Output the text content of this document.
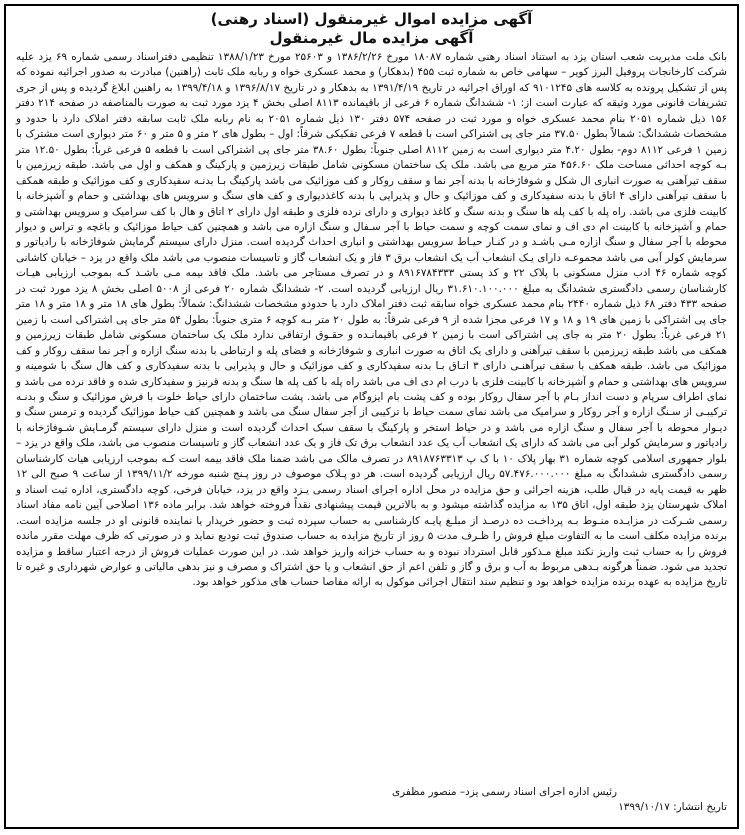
آگهی مزایده اموال غیرمنقول (اسناد رهنی)
آگهی مزایده مال غیرمنقول
بانک ملت مدیریت شعب استان یزد به استناد اسناد رهنی شماره ۱۸۰۸۷ مورخ ۱۳۸۶/۲/۲۶ و ۲۵۶۰۳ مورخ ۱۳۸۸/۱/۲۳ تنظیمی دفتراسناد رسمی شماره ۶۹ یزد علیه شرکت کارخانجات پروفیل البرز کویر – سهامی خاص به شماره ثبت ۴۵۵ (بدهکار) و محمد عسکری خواه و ربابه ملک ثابت (راهنین) مبادرت به صدور اجرائیه نموده که پس از تشکیل پرونده به کلاسه های ۹۱۰۱۲۴۵ که اوراق اجرائیه در تاریخ ۱۳۹۱/۴/۱۹ به بدهکار و در تاریخ ۱۳۹۶/۸/۱۷ و ۱۳۹۹/۴/۱۸ به راهنین ابلاغ گردیده و پس از جری تشریفات قانونی مورد وثیقه که عبارت است از: ۱- ششدانگ شماره ۶ فرعی از باقیمانده ۸۱۱۳ اصلی بخش ۴ یزد مورد ثبت به صورت بالمناصفه در صفحه ۲۱۴ دفتر ۱۵۶ ذیل شماره ۲۰۵۱ بنام محمد عسکری خواه و مورد ثبت در صفحه ۵۷۴ دفتر ۱۳۰ ذیل شماره ۲۰۵۱ به نام ربابه ملک ثابت سابقه دفتر املاک دارد با حدود و مشخصات ششدانگ: شمالاً بطول ۳۷.۵۰ متر جای پی اشتراکی است با قطعه ۷ فرعی تفکیکی شرقاً: اول – بطول های ۲ متر و ۵ متر و ۶۰ متر دیواری است مشترک با زمین ۱ فرعی ۸۱۱۲ دوم- بطول ۴.۲۰ متر دیواری است به زمین ۸۱۱۲ اصلی جنوباً: بطول ۳۸.۶۰ متر جای پی اشتراکی است با قطعه ۵ فرعی غرباً: بطول ۱۲.۵۰ متر بـه کوچه احداثی مساحت ملک ۴۵۶.۶۰ متر مربع می باشد. ملک یک ساختمان مسکونی شامل طبقات زیرزمین و پارکینگ و همکف و اول می باشد. طبقه زیرزمین با سقف تیرآهنی به صورت انباری ال شکل و شوفاژخانه با بدنه آجر نما و سقف روکار و کف موزائیک می باشد پارکینگ بـا بدنـه سفیدکاری و کف موزائیک و طبقه همکف با سقف تیرآهنی دارای ۴ اتاق با بدنه سفیدکاری و کف موزائیک و حال و پذیرایی با بدنه کاغذدیواری و کف های سنگ و سرویس های بهداشتی و حمام و آشپزخانه با کابینت فلزی می باشد. راه پله با کف پله ها سنگ و بدنه سنگ و کاغذ دیواری و دارای نرده فلزی و طبقه اول دارای ۲ اتاق و هال با کف سرامیک و سرویس بهداشتی و حمام و آشپزخانه با کابینت ام دی اف و نمای سمت کوچه و سمت حیاط با آجر سـفال و سنگ ازاره می باشد و همچنین کف حیاط موزائیک و باغچه و تراس و دیوار محوطه با آجر سفال و سنگ ازاره مـی باشـد و در کنـار حیـاط سرویس بهداشتی و انباری احداث گردیده است. منزل دارای سیستم گرمایش شوفاژخانه با رادیاتور و سرمایش کولر آبی می باشد مجموعـه دارای یـک انشعاب آب یک انشعاب برق ۳ فاز و یک انشعاب گاز و تاسیسات منصوب می باشد ملک واقع در یزد – خیابان کاشانی کوچه شماره ۴۶ ادب منزل مسکونی با پلاک ۲۲ و کد پستی ۸۹۱۶۷۸۴۳۳۳ و در تصرف مستاجر می باشد. ملک فاقد بیمه مـی باشـد کـه بموجب ارزیابی هیـات کارشناسان رسمی دادگستری ششدانگ به مبلغ ۳۱.۶۱۰.۱۰۰.۰۰۰ ریال ارزیابی گردیده است. ۲- ششدانگ شماره ۲۰ فرعی از ۵۰۰۸ اصلی بخش ۸ یزد مورد ثبت در صفحه ۴۳۳ دفتر ۶۸ ذیل شماره ۲۴۴۰ بنام محمد عسکری خواه سابقه ثبت دفتر املاک دارد با حدودو مشخصات ششدانگ: شمالاً: بطول های ۱۸ متر و ۱۸ متر و ۱۸ متر جای پی اشتراکی با زمین های ۱۹ و ۱۸ و ۱۷ فرعی مجزا شده از ۹ فرعی شرقاً: به طول ۲۰ متر بـه کوچه ۶ متری جنوباً: بطول ۵۴ متر جای پی اشتراکی است با زمین ۲۱ فرعی غرباً: بطول ۲۰ متر به جای پی اشتراکی است با زمین ۲ فرعی باقیمانـده و حقـوق ارتفاقی ندارد ملک یک ساختمان مسکونی شامل طبقات زیرزمین و همکف می باشد طبقه زیرزمین با سقف تیرآهنی و دارای یک اتاق به صورت انباری و شوفاژخانه و فضای پله و ارتباطی با بدنه سنگ ازاره و آجر نما سقف روکار و کف موزائیک می باشد. طبقه همکف با سقف تیرآهنـی دارای ۳ اتـاق بـا بدنه سفیدکاری و کف موزائیک و حال و پذیرایی با بدنه سفیدکاری و کف هال سنگ با شومینه و سرویس های بهداشتی و حمام و آشپزخانه با کابینت فلزی با درب ام دی اف می باشد راه پله با کف پله ها سنگ و بدنه قرنیز و سفیدکاری شده و فاقد نرده می باشد و نمای اطراف سرپام و دست انداز بـام با آجر سفال روکار بوده و کف پشت بام ایزوگام می باشد. پشت ساختمان دارای حیاط خلوت با فرش موزائیک و سنگ و بدنـه ترکیبـی از سـنگ ازاره و آجر روکار و سرامیک می باشد نمای سمت حیاط با ترکیبی از آجر سفال سنگ می باشد و همچنین کف حیاط موزائیک گردیده و ترمس سنگ و دیـوار محوطه با آجر سفال و سنگ ازاره می باشد و در حیاط استخر و پارکینگ با سقف سبک احداث گردیده است و منزل دارای سیستم گرمـایش شـوفاژخانه با رادیاتور و سرمایش کولر آبی می باشد که دارای یک انشعاب آب یک عدد انشعاب برق تک فاز و یک عدد انشعاب گاز و تاسیسات منصوب می باشد، ملک واقع در یزد – بلوار جمهوری اسلامی کوچه شماره ۳۱ بهار پلاک ۱۰ با ک پ ۸۹۱۸۷۶۳۳۱۳ در تصرف مالک می باشد ضمنا ملک فاقد بیمه است کـه بموجب ارزیابی هیات کارشناسان رسمی دادگستری ششدانگ به مبلغ ۵۷.۴۷۶.۰۰۰.۰۰۰ ریال ارزیابی گردیده است. هر دو پـلاک موصوف در روز پـنج شنبه مورخه ۱۳۹۹/۱۱/۲ از ساعت ۹ صبح الی ۱۲ ظهر به قیمت پایه در قبال طلب، هزینه اجرائی و حق مزایده در محل اداره اجرای اسناد رسمی یـزد واقع در یزد، خیابان فرخی، کوچه دادگستری، اداره ثبت اسناد و املاک شهرستان یزد طبقه اول، اتاق ۱۳۵ به مزایده گذاشته میشود و به بالاترین قیمت پیشنهادی نقداً فروخته خواهد شد. برابر ماده ۱۳۶ اصلاحی آیین نامه مفاد اسناد رسمی شـرکت در مزایـده منـوط بـه پرداخـت ده درصـد از مبلـغ پایـه کارشناسی به حساب سپرده ثبت و حضور خریدار یا نماینده قانونی او در جلسه مزایده است. برنده مزایده مکلف است ما به التفاوت مبلغ فروش را ظـرف مدت ۵ روز از تاریخ مزایده به حساب صندوق ثبت تودیع نماید و در صورتی که ظرف مهلت مقرر مانده فروش را به حساب ثبت واریز نکند مبلغ مـذکور قابل استرداد نبوده و به حساب خزانه واریز خواهد شد. در این صورت عملیات فروش از درجه اعتبار ساقط و مزایده تجدید می شود. ضمناً هرگونه بـدهی مربوط به آب و برق و گاز و تلفن اعم از حق انشعاب و یا حق اشتراک و مصرف و نیز بدهی مالیاتی و عوارض شهرداری و غیره تا تاریخ مزایده به عهده برنده مزایده خواهد بود و تنظیم سند انتقال اجرائی موکول به ارائه مفاصا حساب های مذکور خواهد بود.
رئیس اداره اجرای اسناد رسمی یزد– منصور مظفری
تاریخ انتشار: ۱۳۹۹/۱۰/۱۷
